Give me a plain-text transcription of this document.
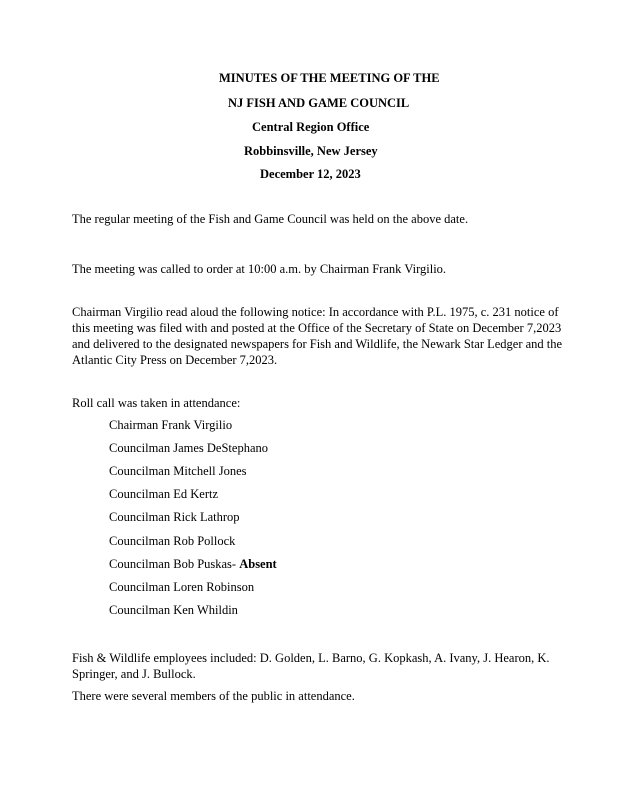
MINUTES OF THE MEETING OF THE
NJ FISH AND GAME COUNCIL
Central Region Office
Robbinsville, New Jersey
December 12, 2023
The regular meeting of the Fish and Game Council was held on the above date.
The meeting was called to order at 10:00 a.m. by Chairman Frank Virgilio.
Chairman Virgilio read aloud the following notice: In accordance with P.L. 1975, c. 231 notice of
this meeting was filed with and posted at the Office of the Secretary of State on December 7,2023
and delivered to the designated newspapers for Fish and Wildlife, the Newark Star Ledger and the
Atlantic City Press on December 7,2023.
Roll call was taken in attendance:
Chairman Frank Virgilio
Councilman James DeStephano
Councilman Mitchell Jones
Councilman Ed Kertz
Councilman Rick Lathrop
Councilman Rob Pollock
Councilman Bob Puskas- Absent
Councilman Loren Robinson
Councilman Ken Whildin
Fish & Wildlife employees included: D. Golden, L. Barno, G. Kopkash, A. Ivany, J. Hearon, K.
Springer, and J. Bullock.
There were several members of the public in attendance.
